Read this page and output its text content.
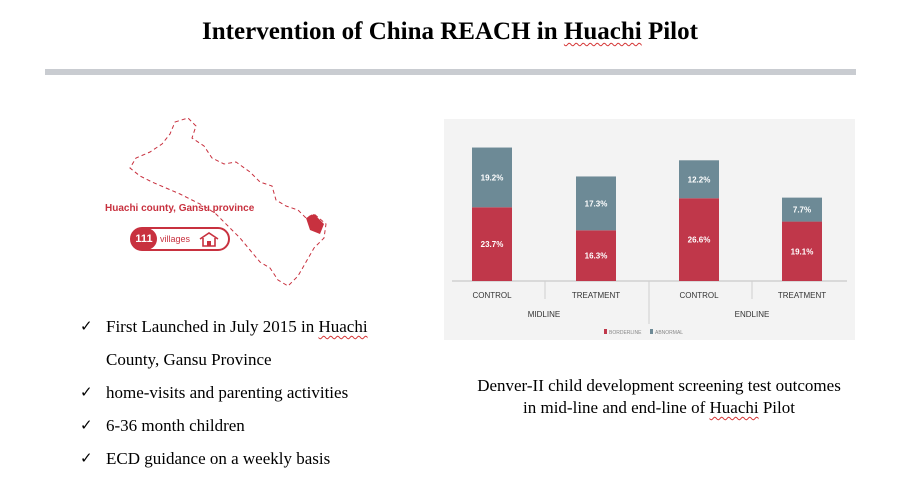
Intervention of China REACH in Huachi Pilot
Huachi county, Gansu province
111 villages
✓ First Launched in July 2015 in Huachi
County, Gansu Province
✓ home-visits and parenting activities
✓ 6-36 month children
✓ ECD guidance on a weekly basis
23.7%
19.2%
CONTROL
16.3%
17.3%
TREATMENT
26.6%
12.2%
CONTROL
19.1%
7.7%
TREATMENT
MIDLINE	ENDLINE
BORDERLINE	ABNORMAL
Denver-II child development screening test outcomes
in mid-line and end-line of Huachi Pilot
